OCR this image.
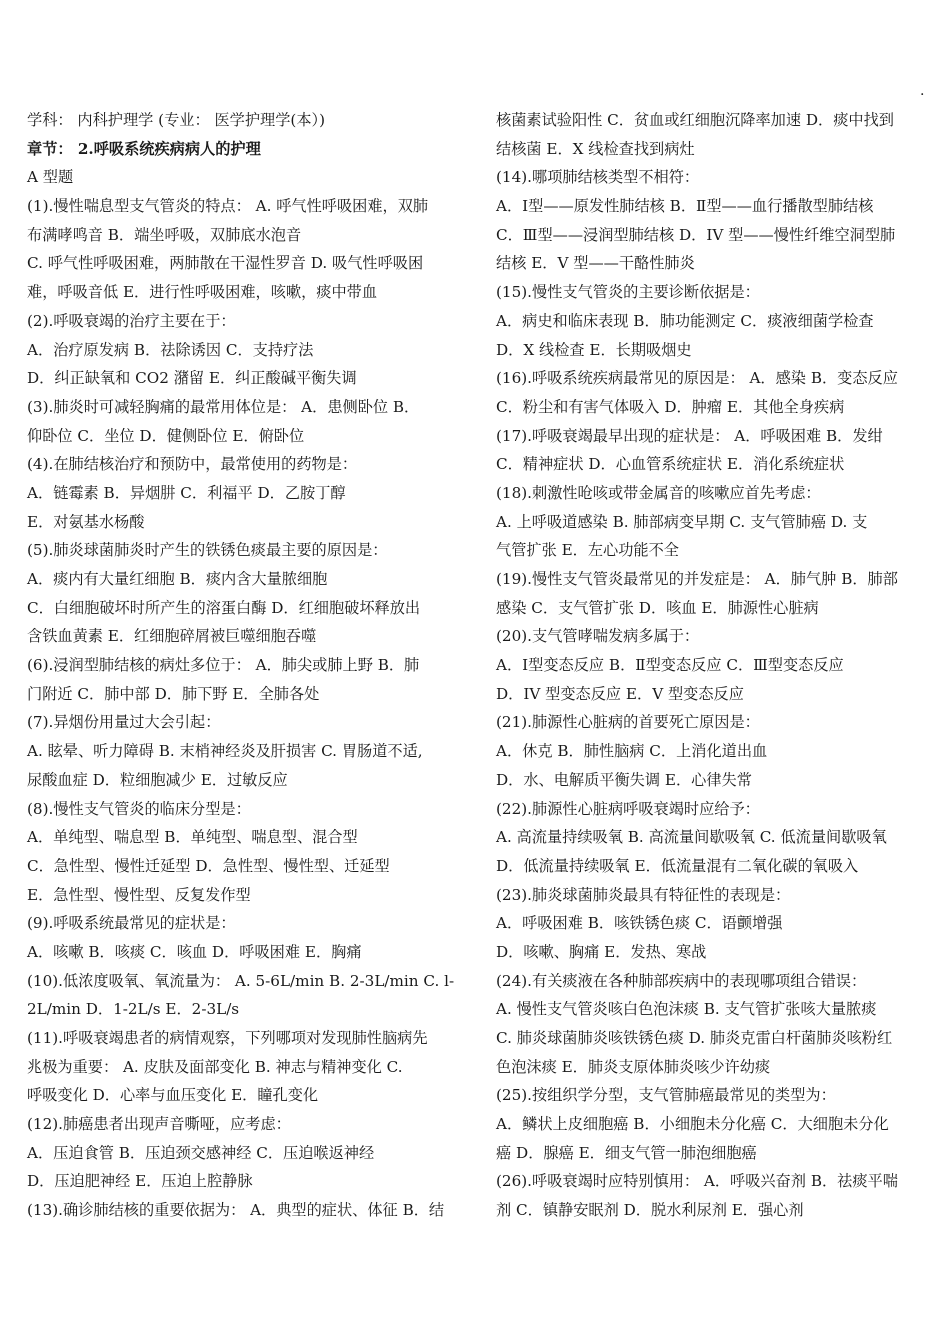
.
学科： 内科护理学 (专业： 医学护理学(本）)
章节： 2.呼吸系统疾病病人的护理
A 型题
(1).慢性喘息型支气管炎的特点： A. 呼气性呼吸困难，双肺
布满哮鸣音 B．端坐呼吸，双肺底水泡音
C. 呼气性呼吸困难，两肺散在干湿性罗音 D. 吸气性呼吸困
难，呼吸音低 E．进行性呼吸困难，咳嗽，痰中带血
(2).呼吸衰竭的治疗主要在于：
A．治疗原发病 B．祛除诱因 C．支持疗法
D．纠正缺氧和 CO2 潴留 E．纠正酸碱平衡失调
(3).肺炎时可减轻胸痛的最常用体位是： A．患侧卧位 B．
仰卧位 C．坐位 D．健侧卧位 E．俯卧位
(4).在肺结核治疗和预防中，最常使用的药物是：
A．链霉素 B．异烟肼 C．利福平 D．乙胺丁醇
E．对氨基水杨酸
(5).肺炎球菌肺炎时产生的铁锈色痰最主要的原因是：
A．痰内有大量红细胞 B．痰内含大量脓细胞
C．白细胞破坏时所产生的溶蛋白酶 D．红细胞破坏释放出
含铁血黄素 E．红细胞碎屑被巨噬细胞吞噬
(6).浸润型肺结核的病灶多位于： A．肺尖或肺上野 B．肺
门附近 C．肺中部 D．肺下野 E．全肺各处
(7).异烟份用量过大会引起：
A. 眩晕、听力障碍 B. 末梢神经炎及肝损害 C. 胃肠道不适,
尿酸血症 D．粒细胞减少 E．过敏反应
(8).慢性支气管炎的临床分型是：
A．单纯型、喘息型 B．单纯型、喘息型、混合型
C．急性型、慢性迁延型 D．急性型、慢性型、迁延型
E．急性型、慢性型、反复发作型
(9).呼吸系统最常见的症状是：
A．咳嗽 B．咳痰 C．咳血 D．呼吸困难 E．胸痛
(10).低浓度吸氧、氧流量为： A. 5-6L/min B. 2-3L/min C. l-
2L/min D．1-2L/s E．2-3L/s
(11).呼吸衰竭患者的病情观察，下列哪项对发现肺性脑病先
兆极为重要： A. 皮肤及面部变化 B. 神志与精神变化 C.
呼吸变化 D．心率与血压变化 E．瞳孔变化
(12).肺癌患者出现声音嘶哑，应考虑：
A．压迫食管 B．压迫颈交感神经 C．压迫喉返神经
D．压迫肥神经 E．压迫上腔静脉
(13).确诊肺结核的重要依据为： A．典型的症状、体征 B．结
核菌素试验阳性 C．贫血或红细胞沉降率加速 D．痰中找到
结核菌 E．X 线检查找到病灶
(14).哪项肺结核类型不相符：
A．Ⅰ型——原发性肺结核 B．Ⅱ型——血行播散型肺结核
C．Ⅲ型——浸润型肺结核 D．IV 型——慢性纤维空洞型肺
结核 E．V 型——干酪性肺炎
(15).慢性支气管炎的主要诊断依据是：
A．病史和临床表现 B．肺功能测定 C．痰液细菌学检查
D．X 线检查 E．长期吸烟史
(16).呼吸系统疾病最常见的原因是： A．感染 B．变态反应
C．粉尘和有害气体吸入 D．肿瘤 E．其他全身疾病
(17).呼吸衰竭最早出现的症状是： A．呼吸困难 B．发绀
C．精神症状 D．心血管系统症状 E．消化系统症状
(18).刺激性呛咳或带金属音的咳嗽应首先考虑：
A. 上呼吸道感染 B. 肺部病变早期 C. 支气管肺癌 D. 支
气管扩张 E．左心功能不全
(19).慢性支气管炎最常见的并发症是： A．肺气肿 B．肺部
感染 C．支气管扩张 D．咳血 E．肺源性心脏病
(20).支气管哮喘发病多属于：
A．Ⅰ型变态反应 B．Ⅱ型变态反应 C．Ⅲ型变态反应
D．IV 型变态反应 E．V 型变态反应
(21).肺源性心脏病的首要死亡原因是：
A．休克 B．肺性脑病 C．上消化道出血
D．水、电解质平衡失调 E．心律失常
(22).肺源性心脏病呼吸衰竭时应给予：
A. 高流量持续吸氧 B. 高流量间歇吸氧 C. 低流量间歇吸氧
D．低流量持续吸氧 E．低流量混有二氧化碳的氧吸入
(23).肺炎球菌肺炎最具有特征性的表现是：
A．呼吸困难 B．咳铁锈色痰 C．语颤增强
D．咳嗽、胸痛 E．发热、寒战
(24).有关痰液在各种肺部疾病中的表现哪项组合错误：
A. 慢性支气管炎咳白色泡沫痰 B. 支气管扩张咳大量脓痰
C. 肺炎球菌肺炎咳铁锈色痰 D. 肺炎克雷白杆菌肺炎咳粉红
色泡沫痰 E．肺炎支原体肺炎咳少许幼痰
(25).按组织学分型，支气管肺癌最常见的类型为：
A．鳞状上皮细胞癌 B．小细胞未分化癌 C．大细胞未分化
癌 D．腺癌 E．细支气管一肺泡细胞癌
(26).呼吸衰竭时应特别慎用： A．呼吸兴奋剂 B．祛痰平喘
剂 C．镇静安眠剂 D．脱水利尿剂 E．强心剂
